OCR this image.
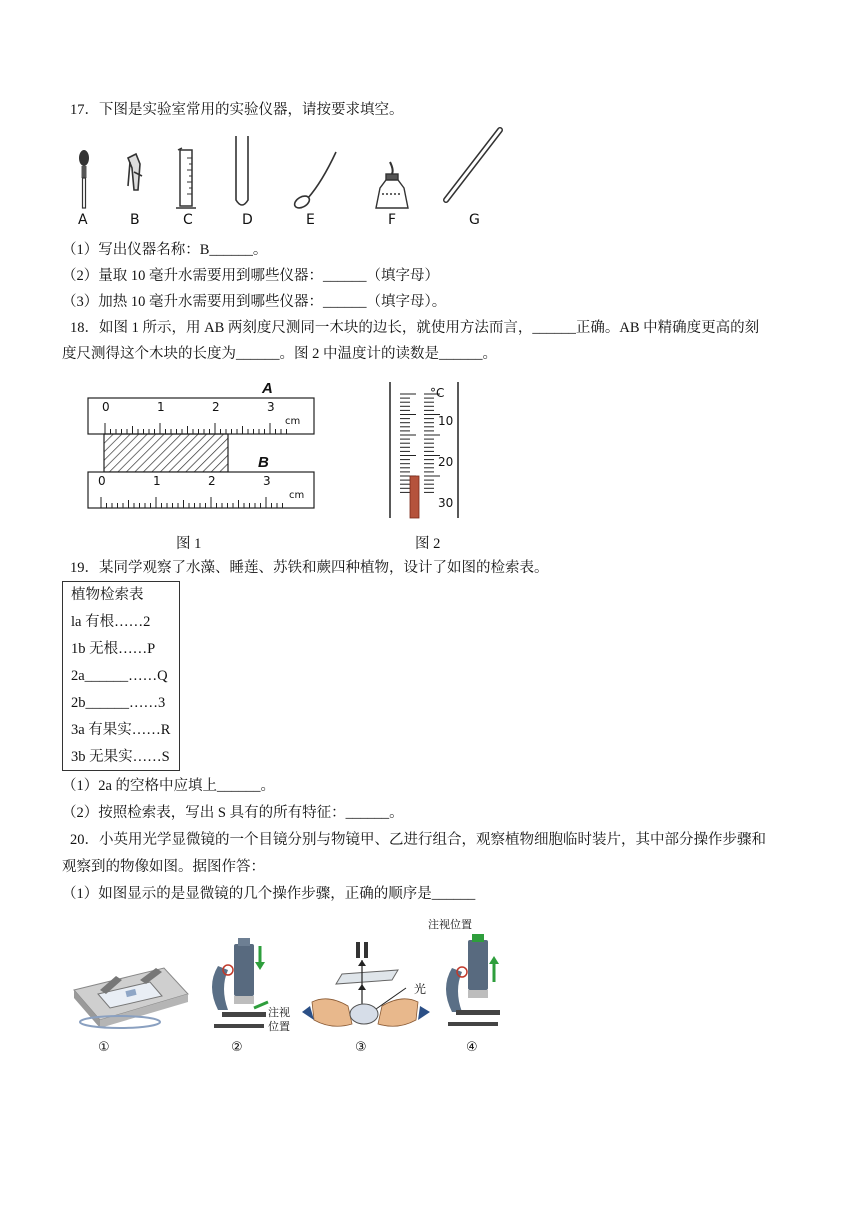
17．下图是实验室常用的实验仪器，请按要求填空。
A	B	C	D	E	F	G
（1）写出仪器名称：B______。
（2）量取 10 毫升水需要用到哪些仪器：______（填字母）
（3）加热 10 毫升水需要用到哪些仪器：______（填字母）。
18．如图 1 所示，用 AB 两刻度尺测同一木块的边长，就使用方法而言，______正确。AB 中精确度更高的刻
度尺测得这个木块的长度为______。图 2 中温度计的读数是______。
0	1	2	3
cm
A
B
0	1	2	3
cm
°C
10
20
30
图 1	图 2
19．某同学观察了水藻、睡莲、苏铁和蕨四种植物，设计了如图的检索表。
植物检索表
la 有根……2
1b 无根……P
2a______……Q
2b______……3
3a 有果实……R
3b 无果实……S
（1）2a 的空格中应填上______。
（2）按照检索表，写出 S 具有的所有特征：______。
20．小英用光学显微镜的一个目镜分别与物镜甲、乙进行组合，观察植物细胞临时装片，其中部分操作步骤和
观察到的物像如图。据图作答：
（1）如图显示的是显微镜的几个操作步骤，正确的顺序是______
注视
位置
光
注视位置
①	②	③	④
